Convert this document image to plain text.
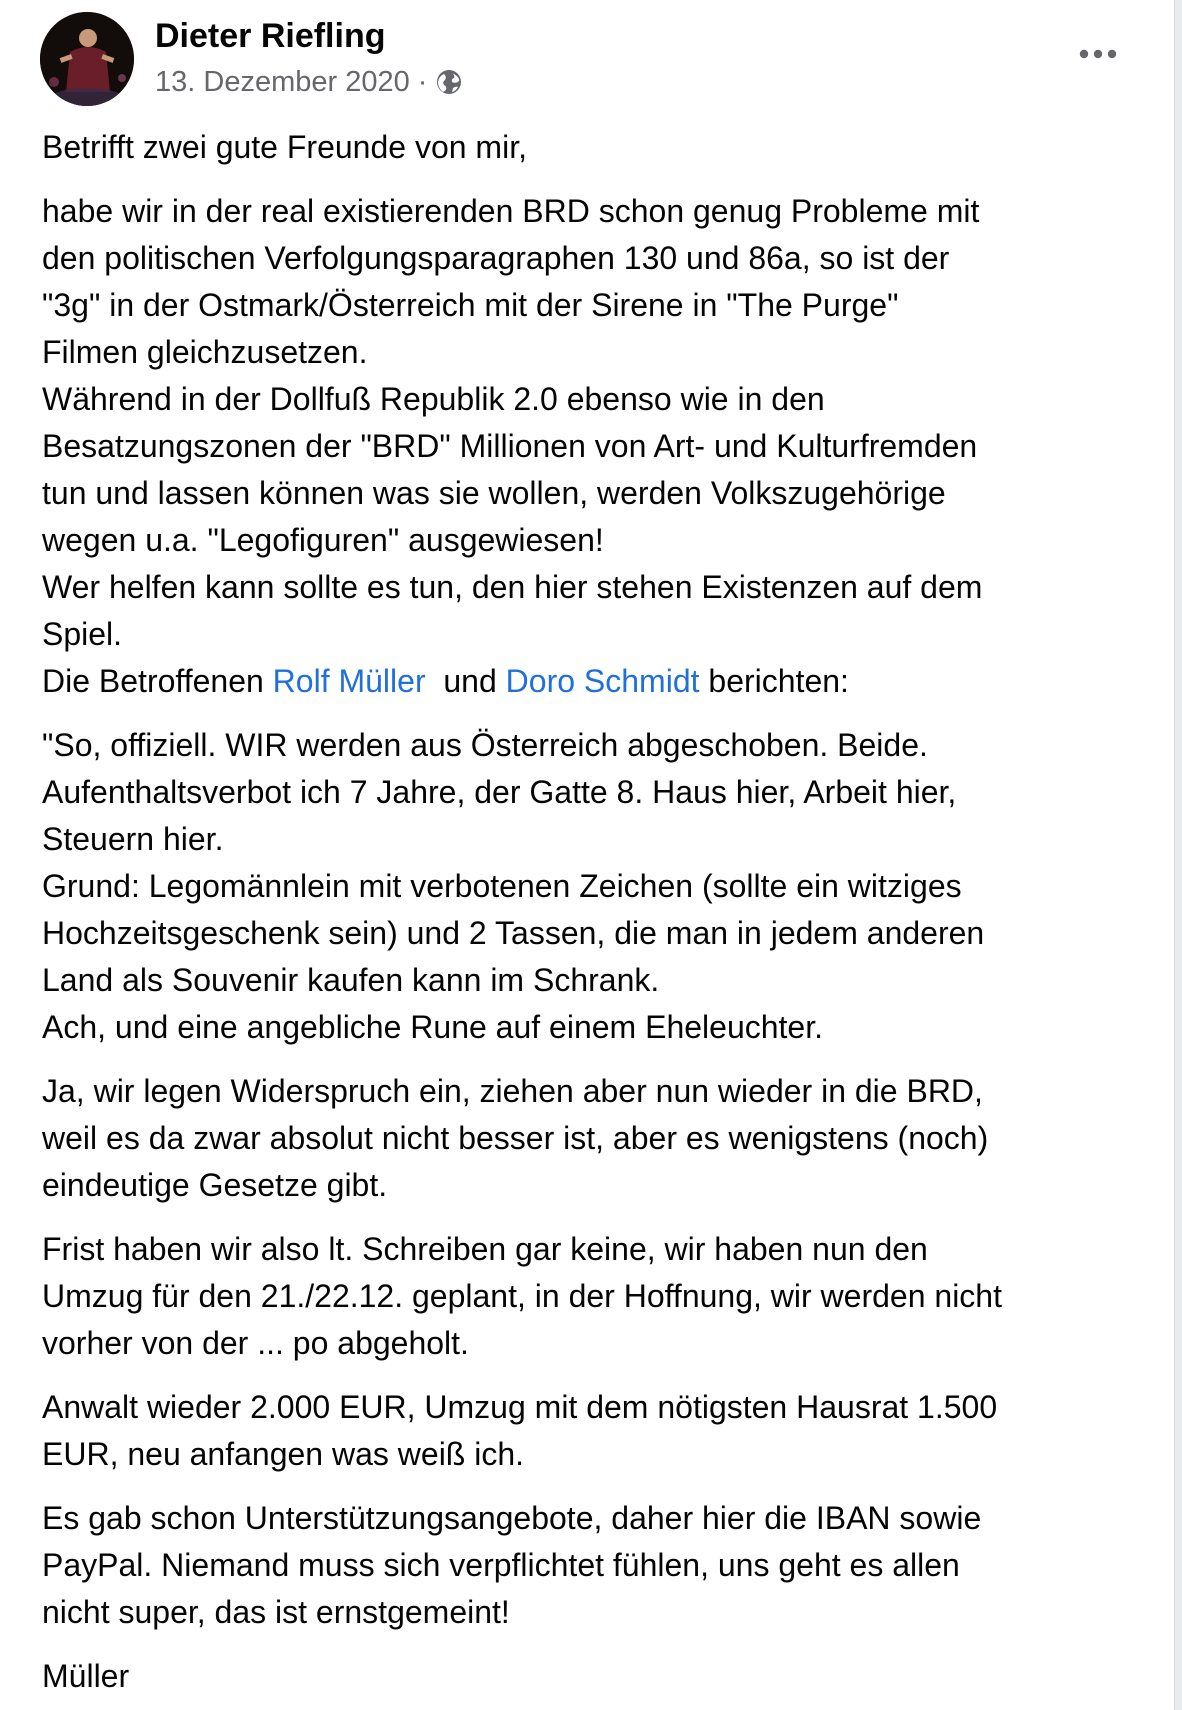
Dieter Riefling
13. Dezember 2020 ·

Betrifft zwei gute Freunde von mir,

habe wir in der real existierenden BRD schon genug Probleme mit
den politischen Verfolgungsparagraphen 130 und 86a, so ist der
"3g" in der Ostmark/Österreich mit der Sirene in "The Purge"
Filmen gleichzusetzen.
Während in der Dollfuß Republik 2.0 ebenso wie in den
Besatzungszonen der "BRD" Millionen von Art- und Kulturfremden
tun und lassen können was sie wollen, werden Volkszugehörige
wegen u.a. "Legofiguren" ausgewiesen!
Wer helfen kann sollte es tun, den hier stehen Existenzen auf dem
Spiel.
Die Betroffenen Rolf Müller  und Doro Schmidt berichten:

"So, offiziell. WIR werden aus Österreich abgeschoben. Beide.
Aufenthaltsverbot ich 7 Jahre, der Gatte 8. Haus hier, Arbeit hier,
Steuern hier.
Grund: Legomännlein mit verbotenen Zeichen (sollte ein witziges
Hochzeitsgeschenk sein) und 2 Tassen, die man in jedem anderen
Land als Souvenir kaufen kann im Schrank.
Ach, und eine angebliche Rune auf einem Eheleuchter.

Ja, wir legen Widerspruch ein, ziehen aber nun wieder in die BRD,
weil es da zwar absolut nicht besser ist, aber es wenigstens (noch)
eindeutige Gesetze gibt.

Frist haben wir also lt. Schreiben gar keine, wir haben nun den
Umzug für den 21./22.12. geplant, in der Hoffnung, wir werden nicht
vorher von der ... po abgeholt.

Anwalt wieder 2.000 EUR, Umzug mit dem nötigsten Hausrat 1.500
EUR, neu anfangen was weiß ich.

Es gab schon Unterstützungsangebote, daher hier die IBAN sowie
PayPal. Niemand muss sich verpflichtet fühlen, uns geht es allen
nicht super, das ist ernstgemeint!

Müller
